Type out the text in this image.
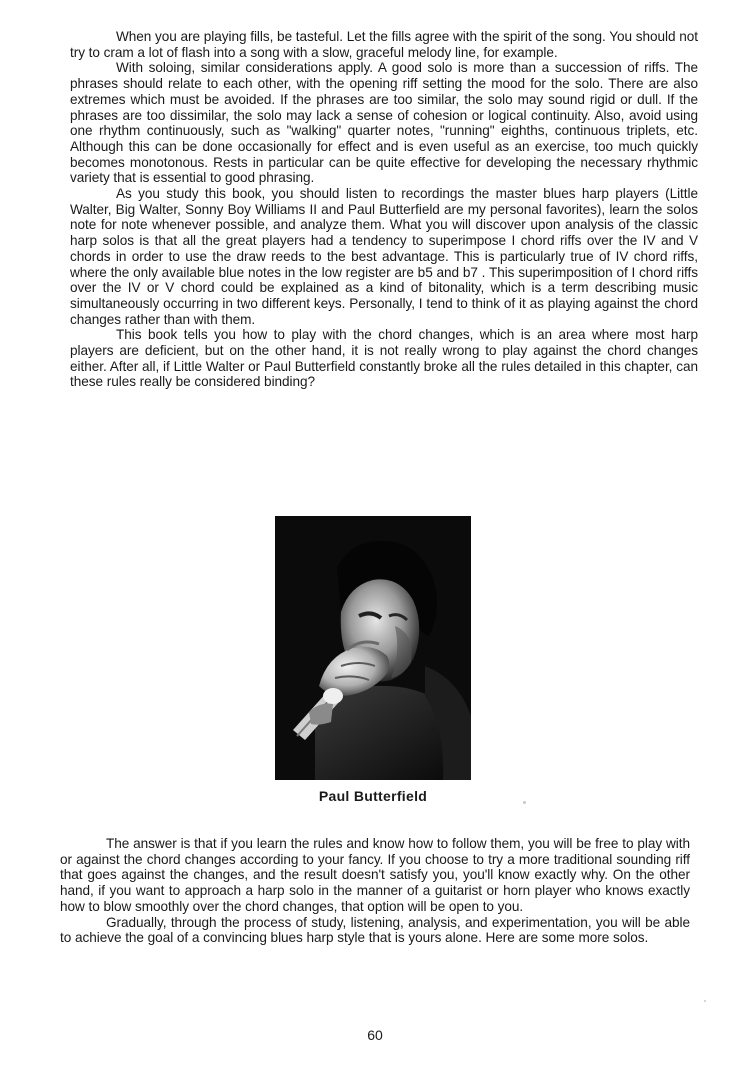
When you are playing fills, be tasteful. Let the fills agree with the spirit of the song. You should not try to cram a lot of flash into a song with a slow, graceful melody line, for example.

With soloing, similar considerations apply. A good solo is more than a succession of riffs. The phrases should relate to each other, with the opening riff setting the mood for the solo. There are also extremes which must be avoided. If the phrases are too similar, the solo may sound rigid or dull. If the phrases are too dissimilar, the solo may lack a sense of cohesion or logical continuity. Also, avoid using one rhythm continuously, such as "walking" quarter notes, "running" eighths, continuous triplets, etc. Although this can be done occasionally for effect and is even useful as an exercise, too much quickly becomes monotonous. Rests in particular can be quite effective for developing the necessary rhythmic variety that is essential to good phrasing.

As you study this book, you should listen to recordings the master blues harp players (Little Walter, Big Walter, Sonny Boy Williams II and Paul Butterfield are my personal favorites), learn the solos note for note whenever possible, and analyze them. What you will discover upon analysis of the classic harp solos is that all the great players had a tendency to superimpose I chord riffs over the IV and V chords in order to use the draw reeds to the best advantage. This is particularly true of IV chord riffs, where the only available blue notes in the low register are b5 and b7 . This superimposition of I chord riffs over the IV or V chord could be explained as a kind of bitonality, which is a term describing music simultaneously occurring in two different keys. Personally, I tend to think of it as playing against the chord changes rather than with them.

This book tells you how to play with the chord changes, which is an area where most harp players are deficient, but on the other hand, it is not really wrong to play against the chord changes either. After all, if Little Walter or Paul Butterfield constantly broke all the rules detailed in this chapter, can these rules really be considered binding?

Paul Butterfield

The answer is that if you learn the rules and know how to follow them, you will be free to play with or against the chord changes according to your fancy. If you choose to try a more traditional sounding riff that goes against the changes, and the result doesn't satisfy you, you'll know exactly why. On the other hand, if you want to approach a harp solo in the manner of a guitarist or horn player who knows exactly how to blow smoothly over the chord changes, that option will be open to you.

Gradually, through the process of study, listening, analysis, and experimentation, you will be able to achieve the goal of a convincing blues harp style that is yours alone. Here are some more solos.

60
